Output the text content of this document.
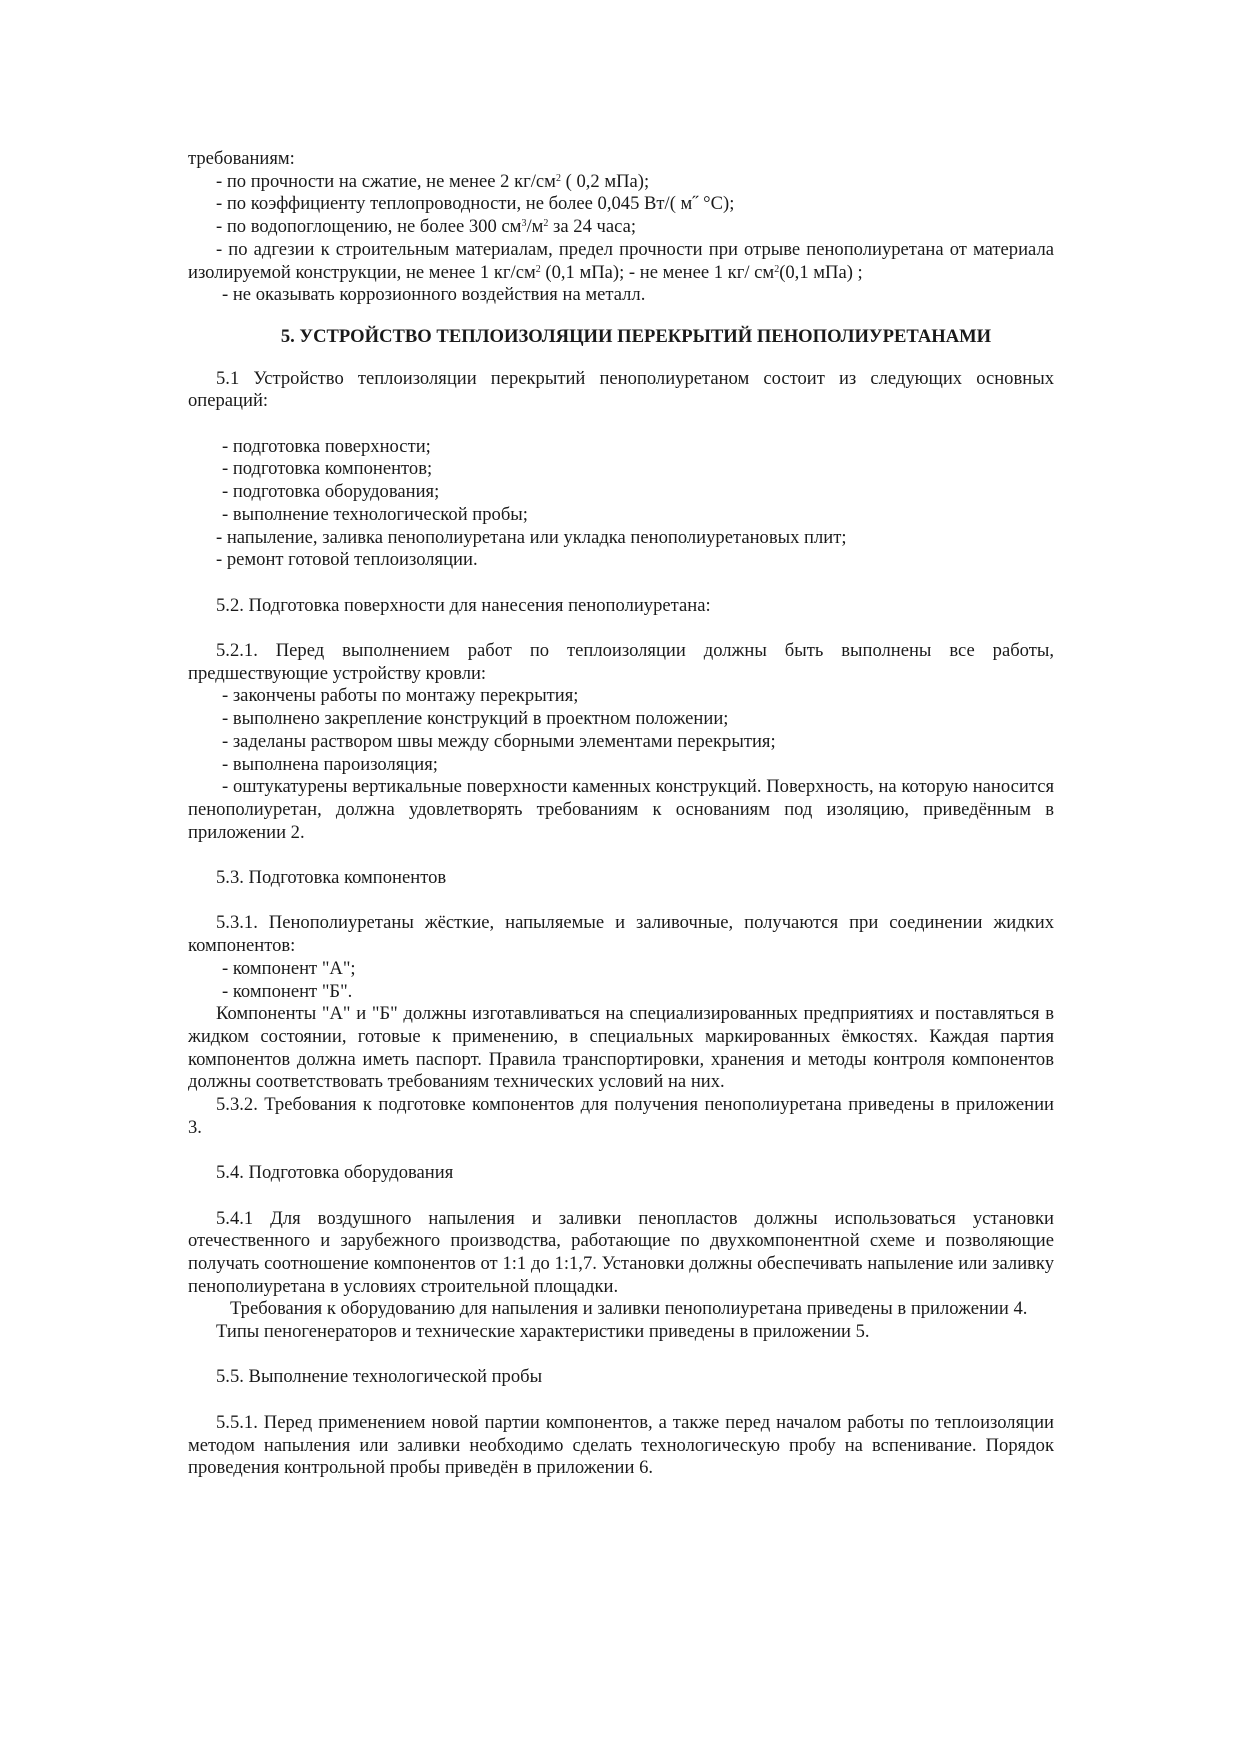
требованиям:
- по прочности на сжатие, не менее 2 $кг/см^2$ ( 0,2 мПа);
- по коэффициенту теплопроводности, не более 0,045 Вт/( м˝ °С);
- по водопоглощению, не более 300 $см^3/м^2$ за 24 часа;
- по адгезии к строительным материалам, предел прочности при отрыве пенополиуретана от материала изолируемой конструкции, не менее 1 $кг/см^2$ (0,1 мПа); - не менее 1 кг/ $см^2(0,1$ мПа) ;
- не оказывать коррозионного воздействия на металл.
5. УСТРОЙСТВО ТЕПЛОИЗОЛЯЦИИ ПЕРЕКРЫТИЙ ПЕНОПОЛИУРЕТАНАМИ
5.1 Устройство теплоизоляции перекрытий пенополиуретаном состоит из следующих основных операций:
- подготовка поверхности;
- подготовка компонентов;
- подготовка оборудования;
- выполнение технологической пробы;
- напыление, заливка пенополиуретана или укладка пенополиуретановых плит;
- ремонт готовой теплоизоляции.
5.2. Подготовка поверхности для нанесения пенополиуретана:
5.2.1. Перед выполнением работ по теплоизоляции должны быть выполнены все работы, предшествующие устройству кровли:
- закончены работы по монтажу перекрытия;
- выполнено закрепление конструкций в проектном положении;
- заделаны раствором швы между сборными элементами перекрытия;
- выполнена пароизоляция;
- оштукатурены вертикальные поверхности каменных конструкций. Поверхность, на которую наносится пенополиуретан, должна удовлетворять требованиям к основаниям под изоляцию, приведённым в приложении 2.
5.3. Подготовка компонентов
5.3.1. Пенополиуретаны жёсткие, напыляемые и заливочные, получаются при соединении жидких компонентов:
- компонент "А";
- компонент "Б".
Компоненты "А" и "Б" должны изготавливаться на специализированных предприятиях и поставляться в жидком состоянии, готовые к применению, в специальных маркированных ёмкостях. Каждая партия компонентов должна иметь паспорт. Правила транспортировки, хранения и методы контроля компонентов должны соответствовать требованиям технических условий на них.
5.3.2. Требования к подготовке компонентов для получения пенополиуретана приведены в приложении 3.
5.4. Подготовка оборудования
5.4.1 Для воздушного напыления и заливки пенопластов должны использоваться установки отечественного и зарубежного производства, работающие по двухкомпонентной схеме и позволяющие получать соотношение компонентов от 1:1 до 1:1,7. Установки должны обеспечивать напыление или заливку пенополиуретана в условиях строительной площадки.
Требования к оборудованию для напыления и заливки пенополиуретана приведены в приложении 4.
Типы пеногенераторов и технические характеристики приведены в приложении 5.
5.5. Выполнение технологической пробы
5.5.1. Перед применением новой партии компонентов, а также перед началом работы по теплоизоляции методом напыления или заливки необходимо сделать технологическую пробу на вспенивание. Порядок проведения контрольной пробы приведён в приложении 6.
